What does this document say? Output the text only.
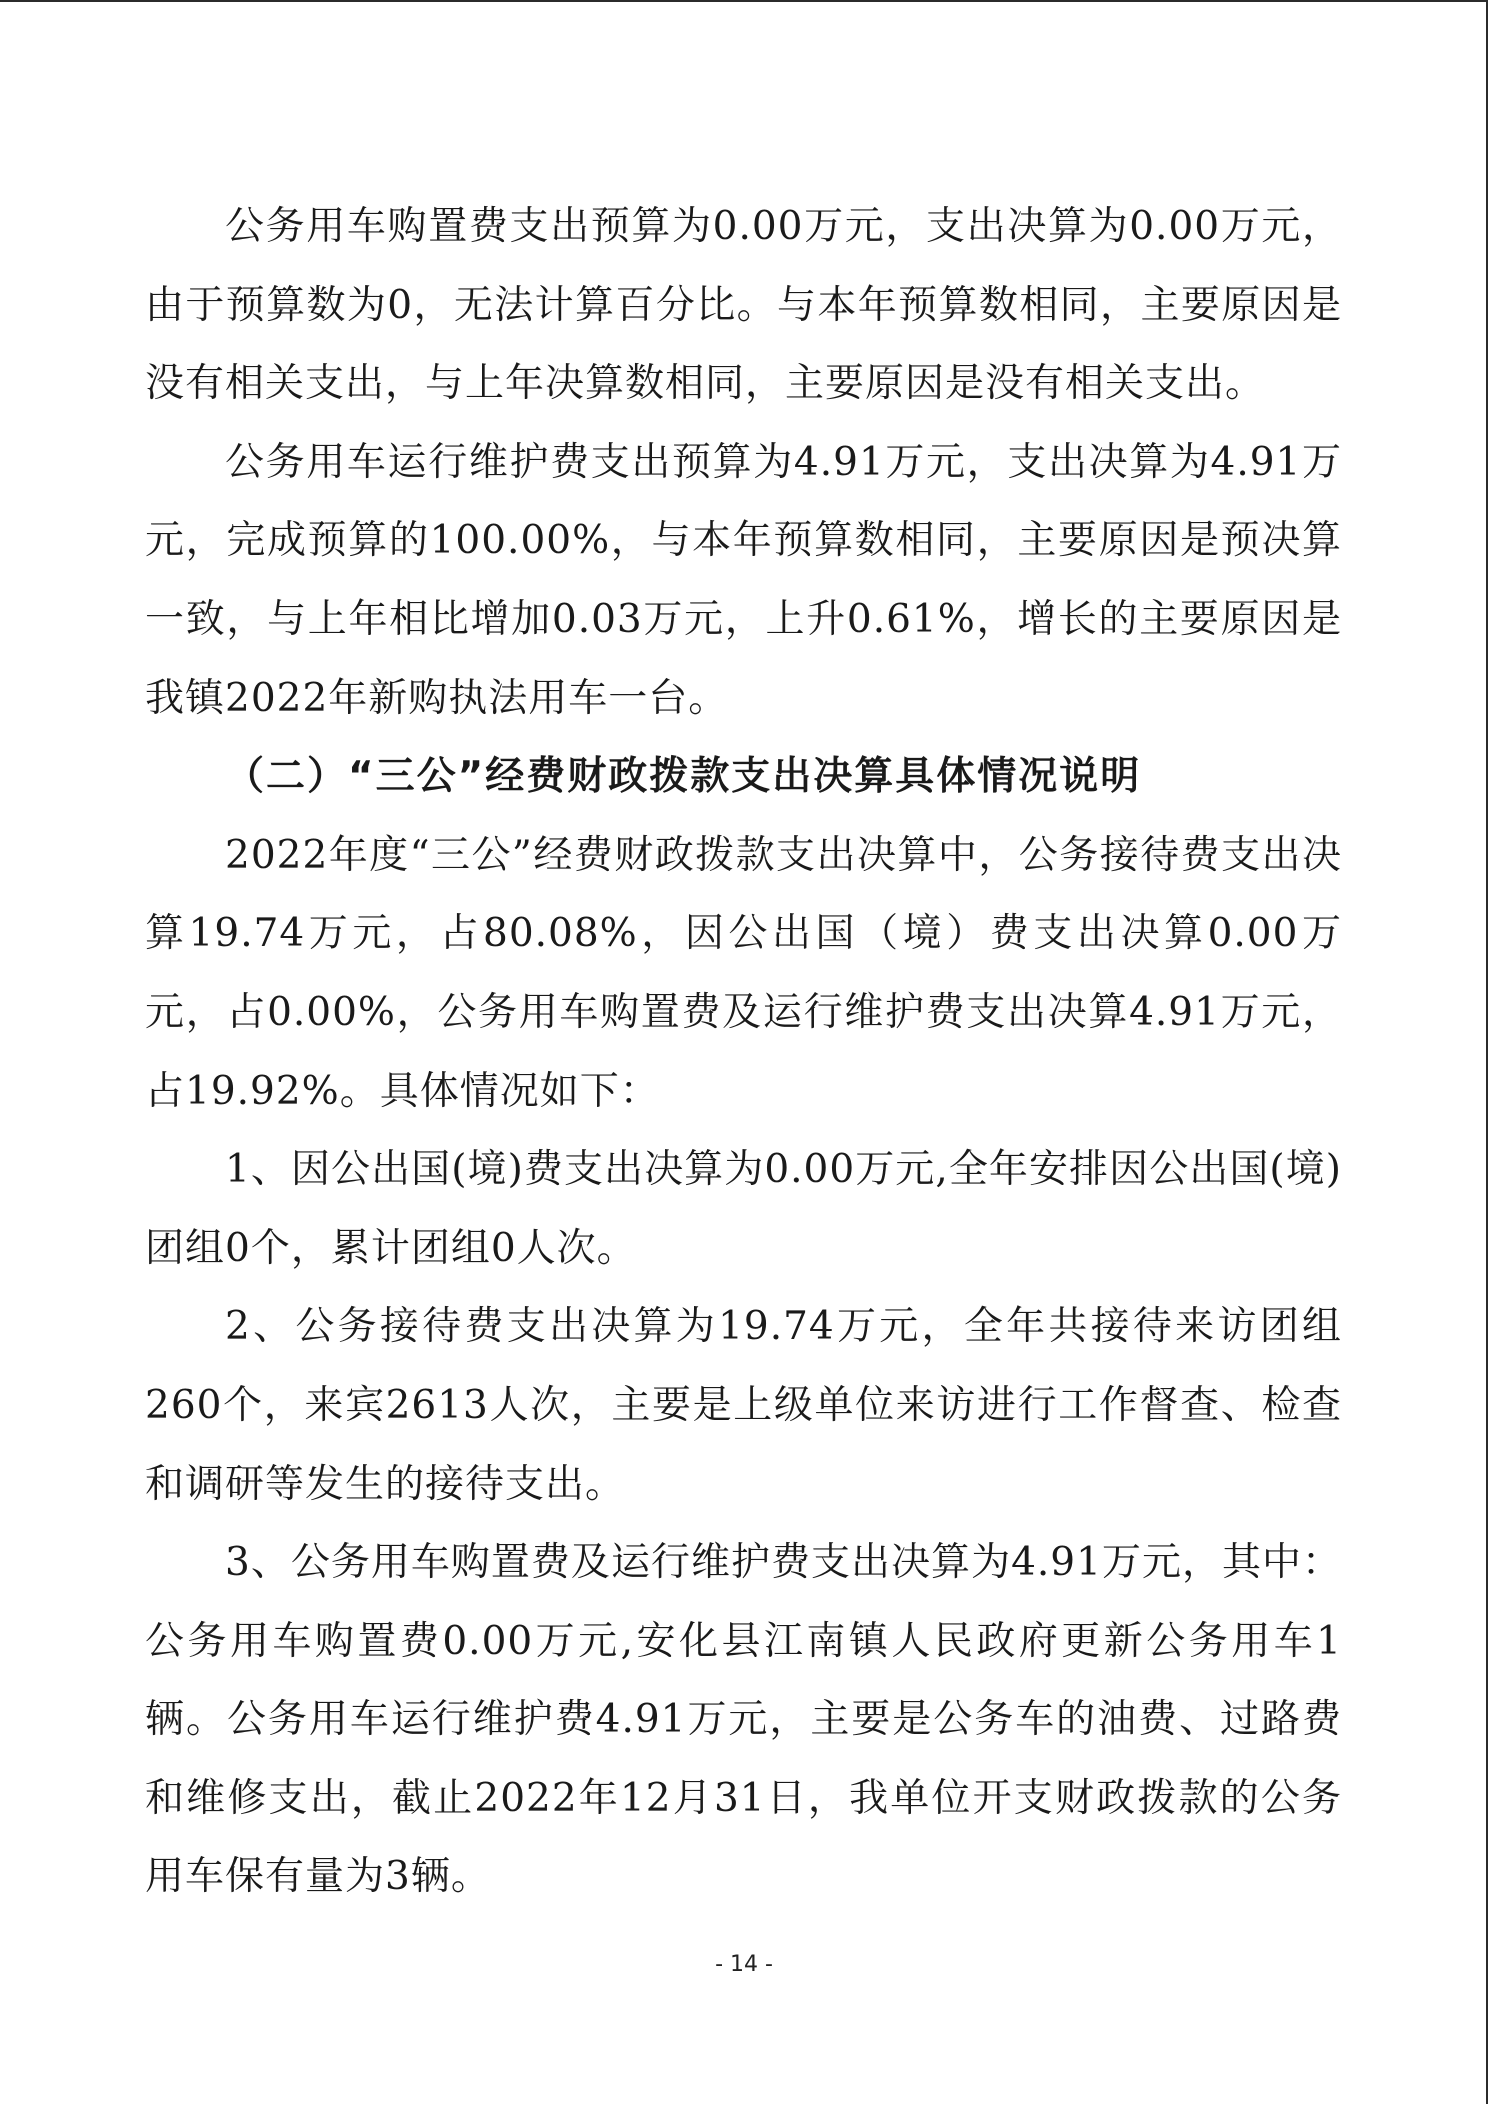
公务用车购置费支出预算为0.00万元，支出决算为0.00万元，由于预算数为0，无法计算百分比。与本年预算数相同，主要原因是没有相关支出，与上年决算数相同，主要原因是没有相关支出。

公务用车运行维护费支出预算为4.91万元，支出决算为4.91万元，完成预算的100.00%，与本年预算数相同，主要原因是预决算一致，与上年相比增加0.03万元，上升0.61%，增长的主要原因是我镇2022年新购执法用车一台。

（二）“三公”经费财政拨款支出决算具体情况说明

2022年度“三公”经费财政拨款支出决算中，公务接待费支出决算19.74万元，占80.08%，因公出国（境）费支出决算0.00万元，占0.00%，公务用车购置费及运行维护费支出决算4.91万元，占19.92%。具体情况如下：

1、因公出国(境)费支出决算为0.00万元,全年安排因公出国(境)团组0个，累计团组0人次。

2、公务接待费支出决算为19.74万元，全年共接待来访团组260个，来宾2613人次，主要是上级单位来访进行工作督查、检查和调研等发生的接待支出。

3、公务用车购置费及运行维护费支出决算为4.91万元，其中：公务用车购置费0.00万元,安化县江南镇人民政府更新公务用车1辆。公务用车运行维护费4.91万元，主要是公务车的油费、过路费和维修支出，截止2022年12月31日，我单位开支财政拨款的公务用车保有量为3辆。

- 14 -
